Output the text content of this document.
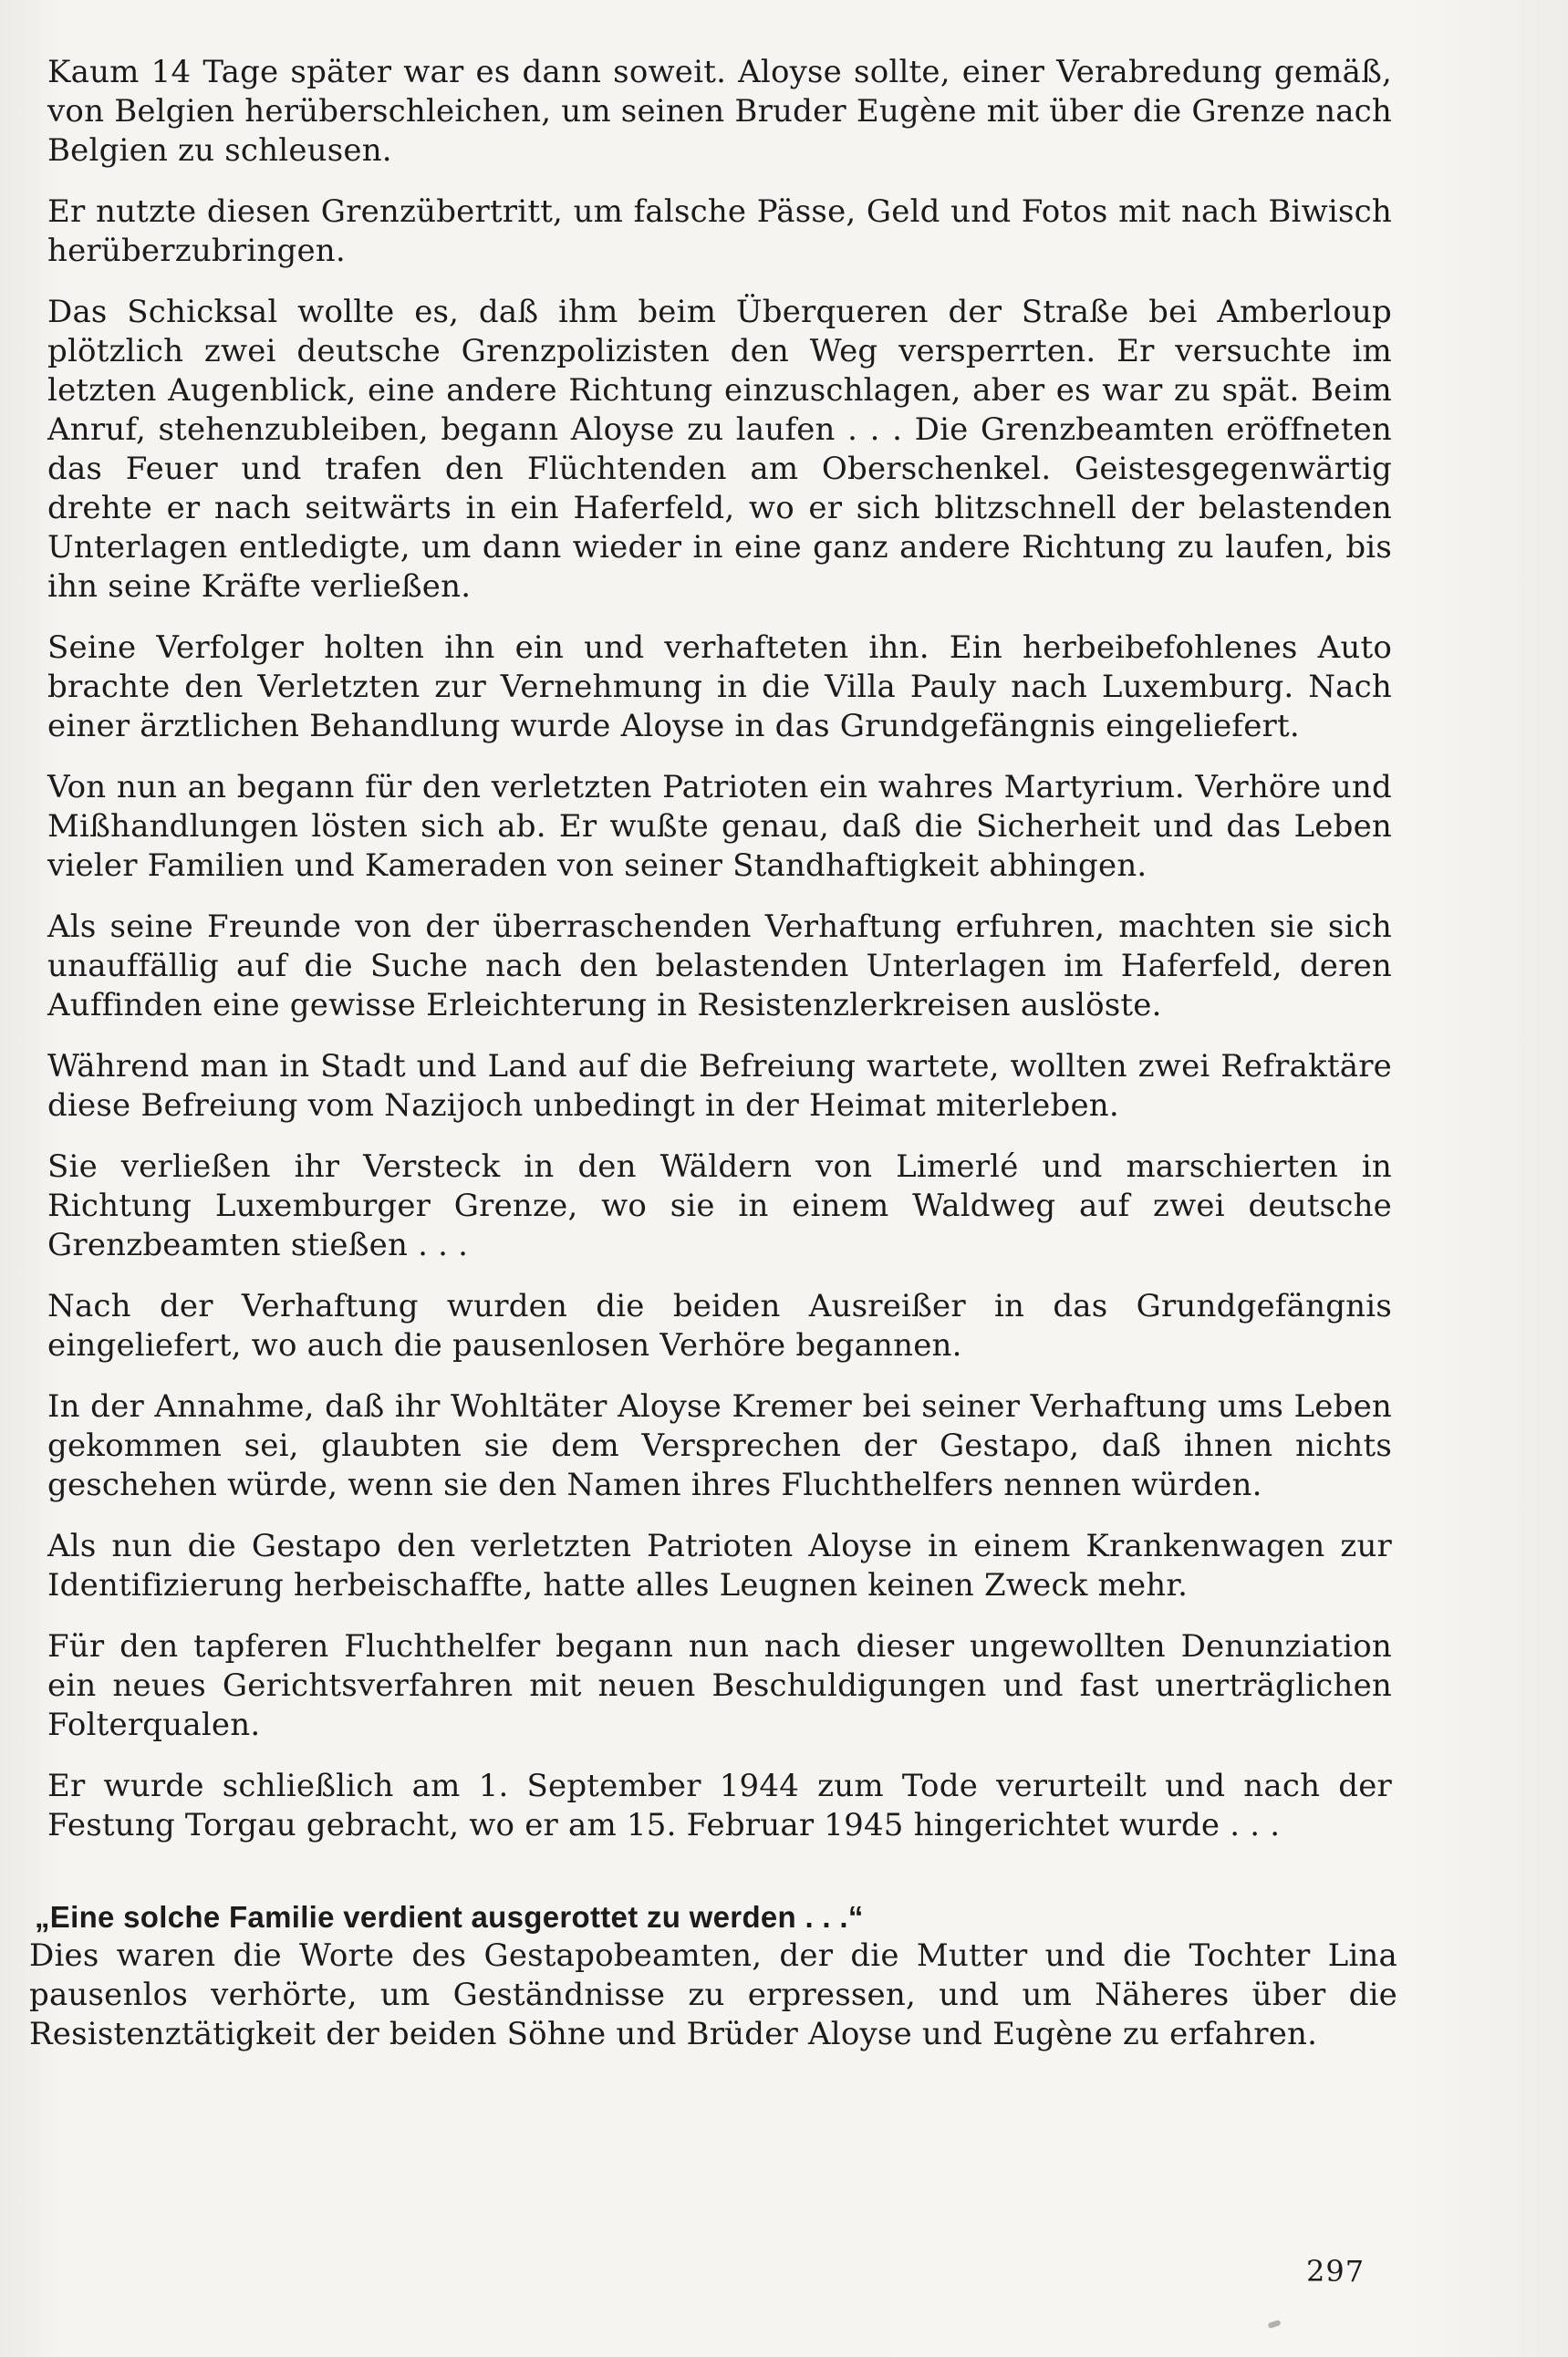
Kaum 14 Tage später war es dann soweit. Aloyse sollte, einer Verabredung gemäß, von Belgien herüberschleichen, um seinen Bruder Eugène mit über die Grenze nach Belgien zu schleusen.

Er nutzte diesen Grenzübertritt, um falsche Pässe, Geld und Fotos mit nach Biwisch herüberzubringen.

Das Schicksal wollte es, daß ihm beim Überqueren der Straße bei Amberloup plötzlich zwei deutsche Grenzpolizisten den Weg versperrten. Er versuchte im letzten Augenblick, eine andere Richtung einzuschlagen, aber es war zu spät. Beim Anruf, stehenzubleiben, begann Aloyse zu laufen . . . Die Grenzbeamten eröffneten das Feuer und trafen den Flüchtenden am Oberschenkel. Geistesgegenwärtig drehte er nach seitwärts in ein Haferfeld, wo er sich blitzschnell der belastenden Unterlagen entledigte, um dann wieder in eine ganz andere Richtung zu laufen, bis ihn seine Kräfte verließen.

Seine Verfolger holten ihn ein und verhafteten ihn. Ein herbeibefohlenes Auto brachte den Verletzten zur Vernehmung in die Villa Pauly nach Luxemburg. Nach einer ärztlichen Behandlung wurde Aloyse in das Grundgefängnis eingeliefert.

Von nun an begann für den verletzten Patrioten ein wahres Martyrium. Verhöre und Mißhandlungen lösten sich ab. Er wußte genau, daß die Sicherheit und das Leben vieler Familien und Kameraden von seiner Standhaftigkeit abhingen.

Als seine Freunde von der überraschenden Verhaftung erfuhren, machten sie sich unauffällig auf die Suche nach den belastenden Unterlagen im Haferfeld, deren Auffinden eine gewisse Erleichterung in Resistenzlerkreisen auslöste.

Während man in Stadt und Land auf die Befreiung wartete, wollten zwei Refraktäre diese Befreiung vom Nazijoch unbedingt in der Heimat miterleben.

Sie verließen ihr Versteck in den Wäldern von Limerlé und marschierten in Richtung Luxemburger Grenze, wo sie in einem Waldweg auf zwei deutsche Grenzbeamten stießen . . .

Nach der Verhaftung wurden die beiden Ausreißer in das Grundgefängnis eingeliefert, wo auch die pausenlosen Verhöre begannen.

In der Annahme, daß ihr Wohltäter Aloyse Kremer bei seiner Verhaftung ums Leben gekommen sei, glaubten sie dem Versprechen der Gestapo, daß ihnen nichts geschehen würde, wenn sie den Namen ihres Fluchthelfers nennen würden.

Als nun die Gestapo den verletzten Patrioten Aloyse in einem Krankenwagen zur Identifizierung herbeischaffte, hatte alles Leugnen keinen Zweck mehr.

Für den tapferen Fluchthelfer begann nun nach dieser ungewollten Denunziation ein neues Gerichtsverfahren mit neuen Beschuldigungen und fast unerträglichen Folterqualen.

Er wurde schließlich am 1. September 1944 zum Tode verurteilt und nach der Festung Torgau gebracht, wo er am 15. Februar 1945 hingerichtet wurde . . .

„Eine solche Familie verdient ausgerottet zu werden . . .“

Dies waren die Worte des Gestapobeamten, der die Mutter und die Tochter Lina pausenlos verhörte, um Geständnisse zu erpressen, und um Näheres über die Resistenztätigkeit der beiden Söhne und Brüder Aloyse und Eugène zu erfahren.

297
